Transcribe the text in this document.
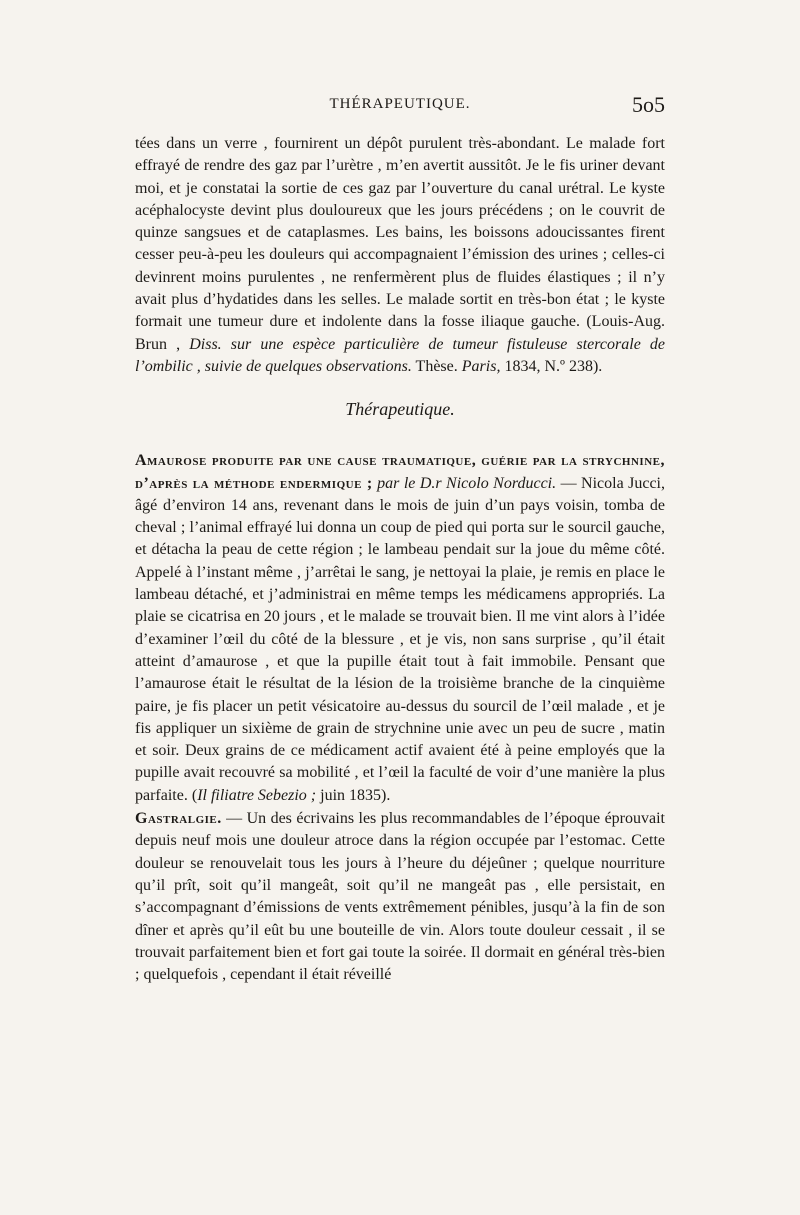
THÉRAPEUTIQUE.	5o5

tées dans un verre , fournirent un dépôt purulent très-abondant. Le malade fort effrayé de rendre des gaz par l’urètre , m’en avertit aussitôt. Je le fis uriner devant moi, et je constatai la sortie de ces gaz par l’ouverture du canal urétral. Le kyste acéphalocyste devint plus douloureux que les jours précédens ; on le couvrit de quinze sangsues et de cataplasmes. Les bains, les boissons adoucissantes firent cesser peu-à-peu les douleurs qui accompagnaient l’émission des urines ; celles-ci devinrent moins purulentes , ne renfermèrent plus de fluides élastiques ; il n’y avait plus d’hydatides dans les selles. Le malade sortit en très-bon état ; le kyste formait une tumeur dure et indolente dans la fosse iliaque gauche. (Louis-Aug. Brun , Diss. sur une espèce particulière de tumeur fistuleuse stercorale de l’ombilic , suivie de quelques observations. Thèse. Paris, 1834, N.º 238).

Thérapeutique.

Amaurose produite par une cause traumatique, guérie par la strychnine, d’après la méthode endermique ; par le D.r Nicolo Norducci. — Nicola Jucci, âgé d’environ 14 ans, revenant dans le mois de juin d’un pays voisin, tomba de cheval ; l’animal effrayé lui donna un coup de pied qui porta sur le sourcil gauche, et détacha la peau de cette région ; le lambeau pendait sur la joue du même côté. Appelé à l’instant même , j’arrêtai le sang, je nettoyai la plaie, je remis en place le lambeau détaché, et j’administrai en même temps les médicamens appropriés. La plaie se cicatrisa en 20 jours , et le malade se trouvait bien. Il me vint alors à l’idée d’examiner l’œil du côté de la blessure , et je vis, non sans surprise , qu’il était atteint d’amaurose , et que la pupille était tout à fait immobile. Pensant que l’amaurose était le résultat de la lésion de la troisième branche de la cinquième paire, je fis placer un petit vésicatoire au-dessus du sourcil de l’œil malade , et je fis appliquer un sixième de grain de strychnine unie avec un peu de sucre , matin et soir. Deux grains de ce médicament actif avaient été à peine employés que la pupille avait recouvré sa mobilité , et l’œil la faculté de voir d’une manière la plus parfaite. (Il filiatre Sebezio ; juin 1835).

Gastralgie. — Un des écrivains les plus recommandables de l’époque éprouvait depuis neuf mois une douleur atroce dans la région occupée par l’estomac. Cette douleur se renouvelait tous les jours à l’heure du déjeûner ; quelque nourriture qu’il prît, soit qu’il mangeât, soit qu’il ne mangeât pas , elle persistait, en s’accompagnant d’émissions de vents extrêmement pénibles, jusqu’à la fin de son dîner et après qu’il eût bu une bouteille de vin. Alors toute douleur cessait , il se trouvait parfaitement bien et fort gai toute la soirée. Il dormait en général très-bien ; quelquefois , cependant il était réveillé
